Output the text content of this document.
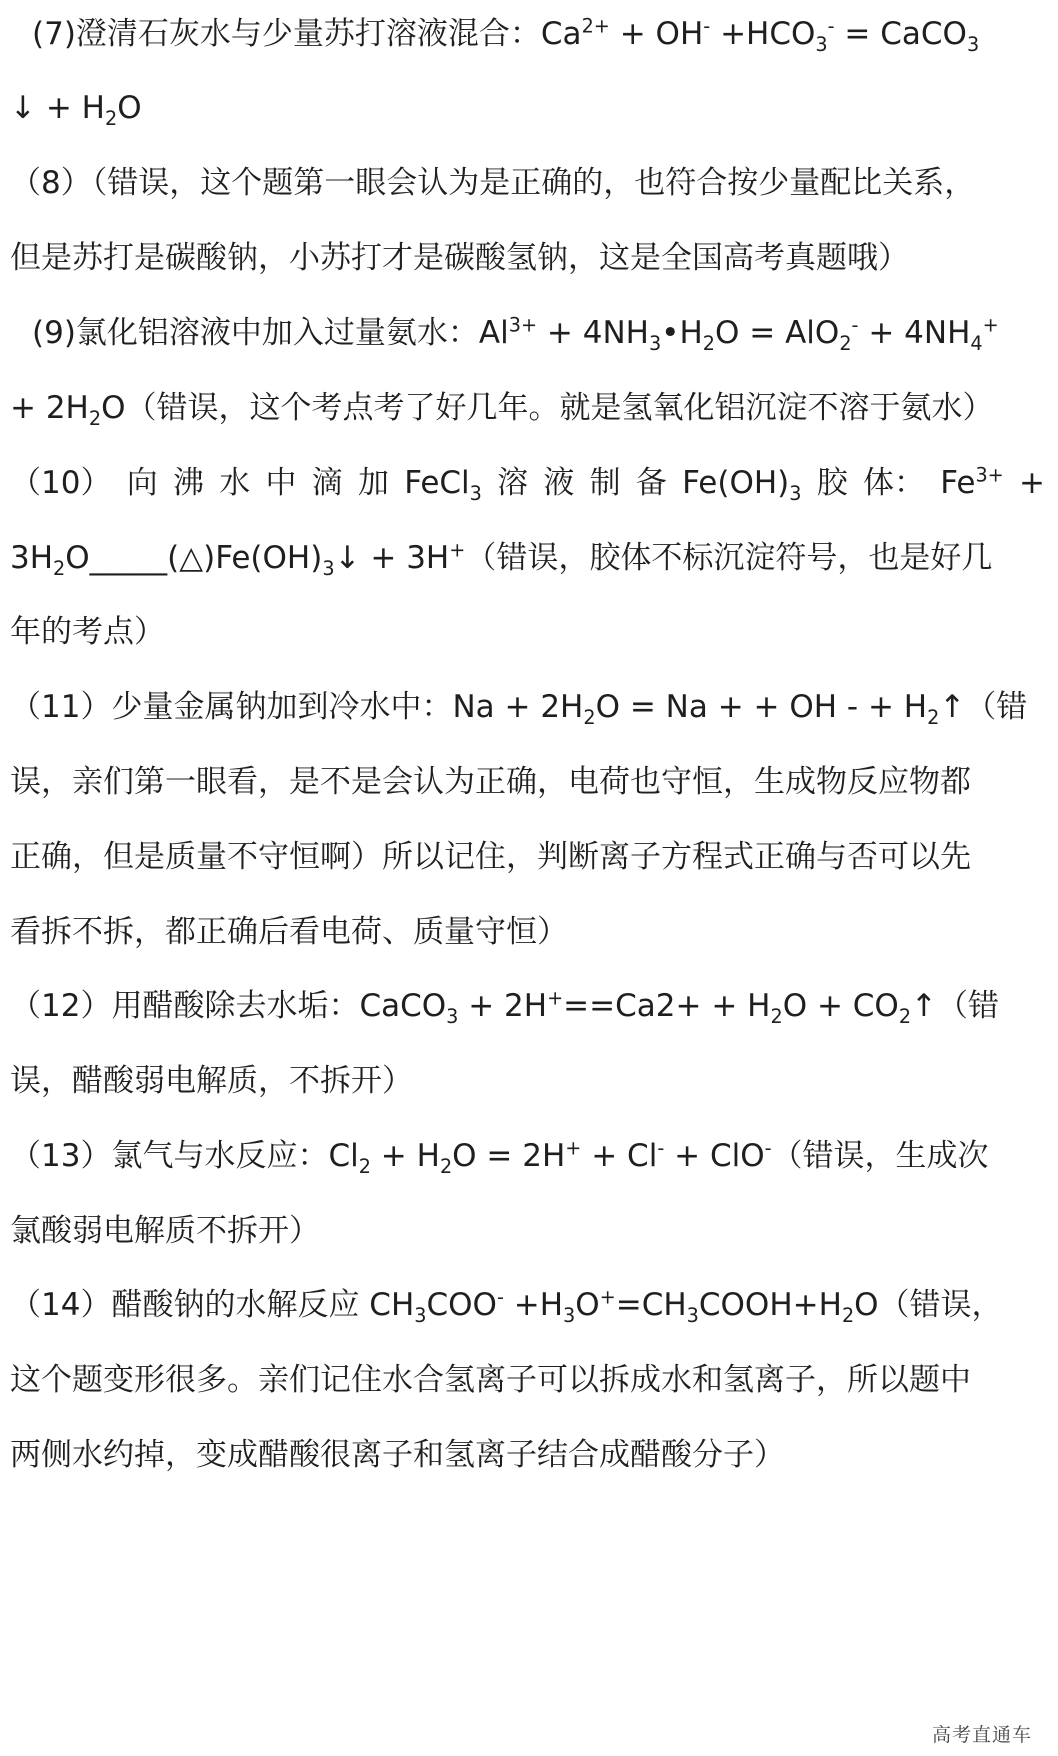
(7)澄清石灰水与少量苏打溶液混合：$Ca^{2+} + OH^- +HCO_3^-$ = CaCO$_3$
↓ + $H_2O$
（8）（错误，这个题第一眼会认为是正确的，也符合按少量配比关系，
但是苏打是碳酸钠，小苏打才是碳酸氢钠，这是全国高考真题哦）
(9)氯化铝溶液中加入过量氨水：$Al^{3+}$ + $4NH_3•H_2O = AlO_2^- + 4NH_4^+$
+ $2H_2O$（错误，这个考点考了好几年。就是氢氧化铝沉淀不溶于氨水）
（10） 向 沸 水 中 滴 加 FeCl$_3$ 溶 液 制 备 $Fe(OH)_3$ 胶 体： $Fe^{3+}$ +
$3H_2O\_\_\_\_\_(\triangle)Fe(OH)_3↓ + 3H^+$（错误，胶体不标沉淀符号，也是好几
年的考点）
（11）少量金属钠加到冷水中：$Na + 2H_2O = Na$ + + OH - + $H_2↑$（错
误，亲们第一眼看，是不是会认为正确，电荷也守恒，生成物反应物都
正确，但是质量不守恒啊）所以记住，判断离子方程式正确与否可以先
看拆不拆，都正确后看电荷、质量守恒）
（12）用醋酸除去水垢：CaCO$_3$ + $2H^+==Ca2+ + H_2O$ + $CO_2↑$（错
误，醋酸弱电解质，不拆开）
（13）氯气与水反应：$Cl_2 + H_2O = 2H^+ + Cl^- + ClO^-$（错误，生成次
氯酸弱电解质不拆开）
（14）醋酸钠的水解反应 $CH_3COO^-$ $+H_3O^+=CH_3COOH+H_2O$（错误，
这个题变形很多。亲们记住水合氢离子可以拆成水和氢离子，所以题中
两侧水约掉，变成醋酸很离子和氢离子结合成醋酸分子）
高考直通车
